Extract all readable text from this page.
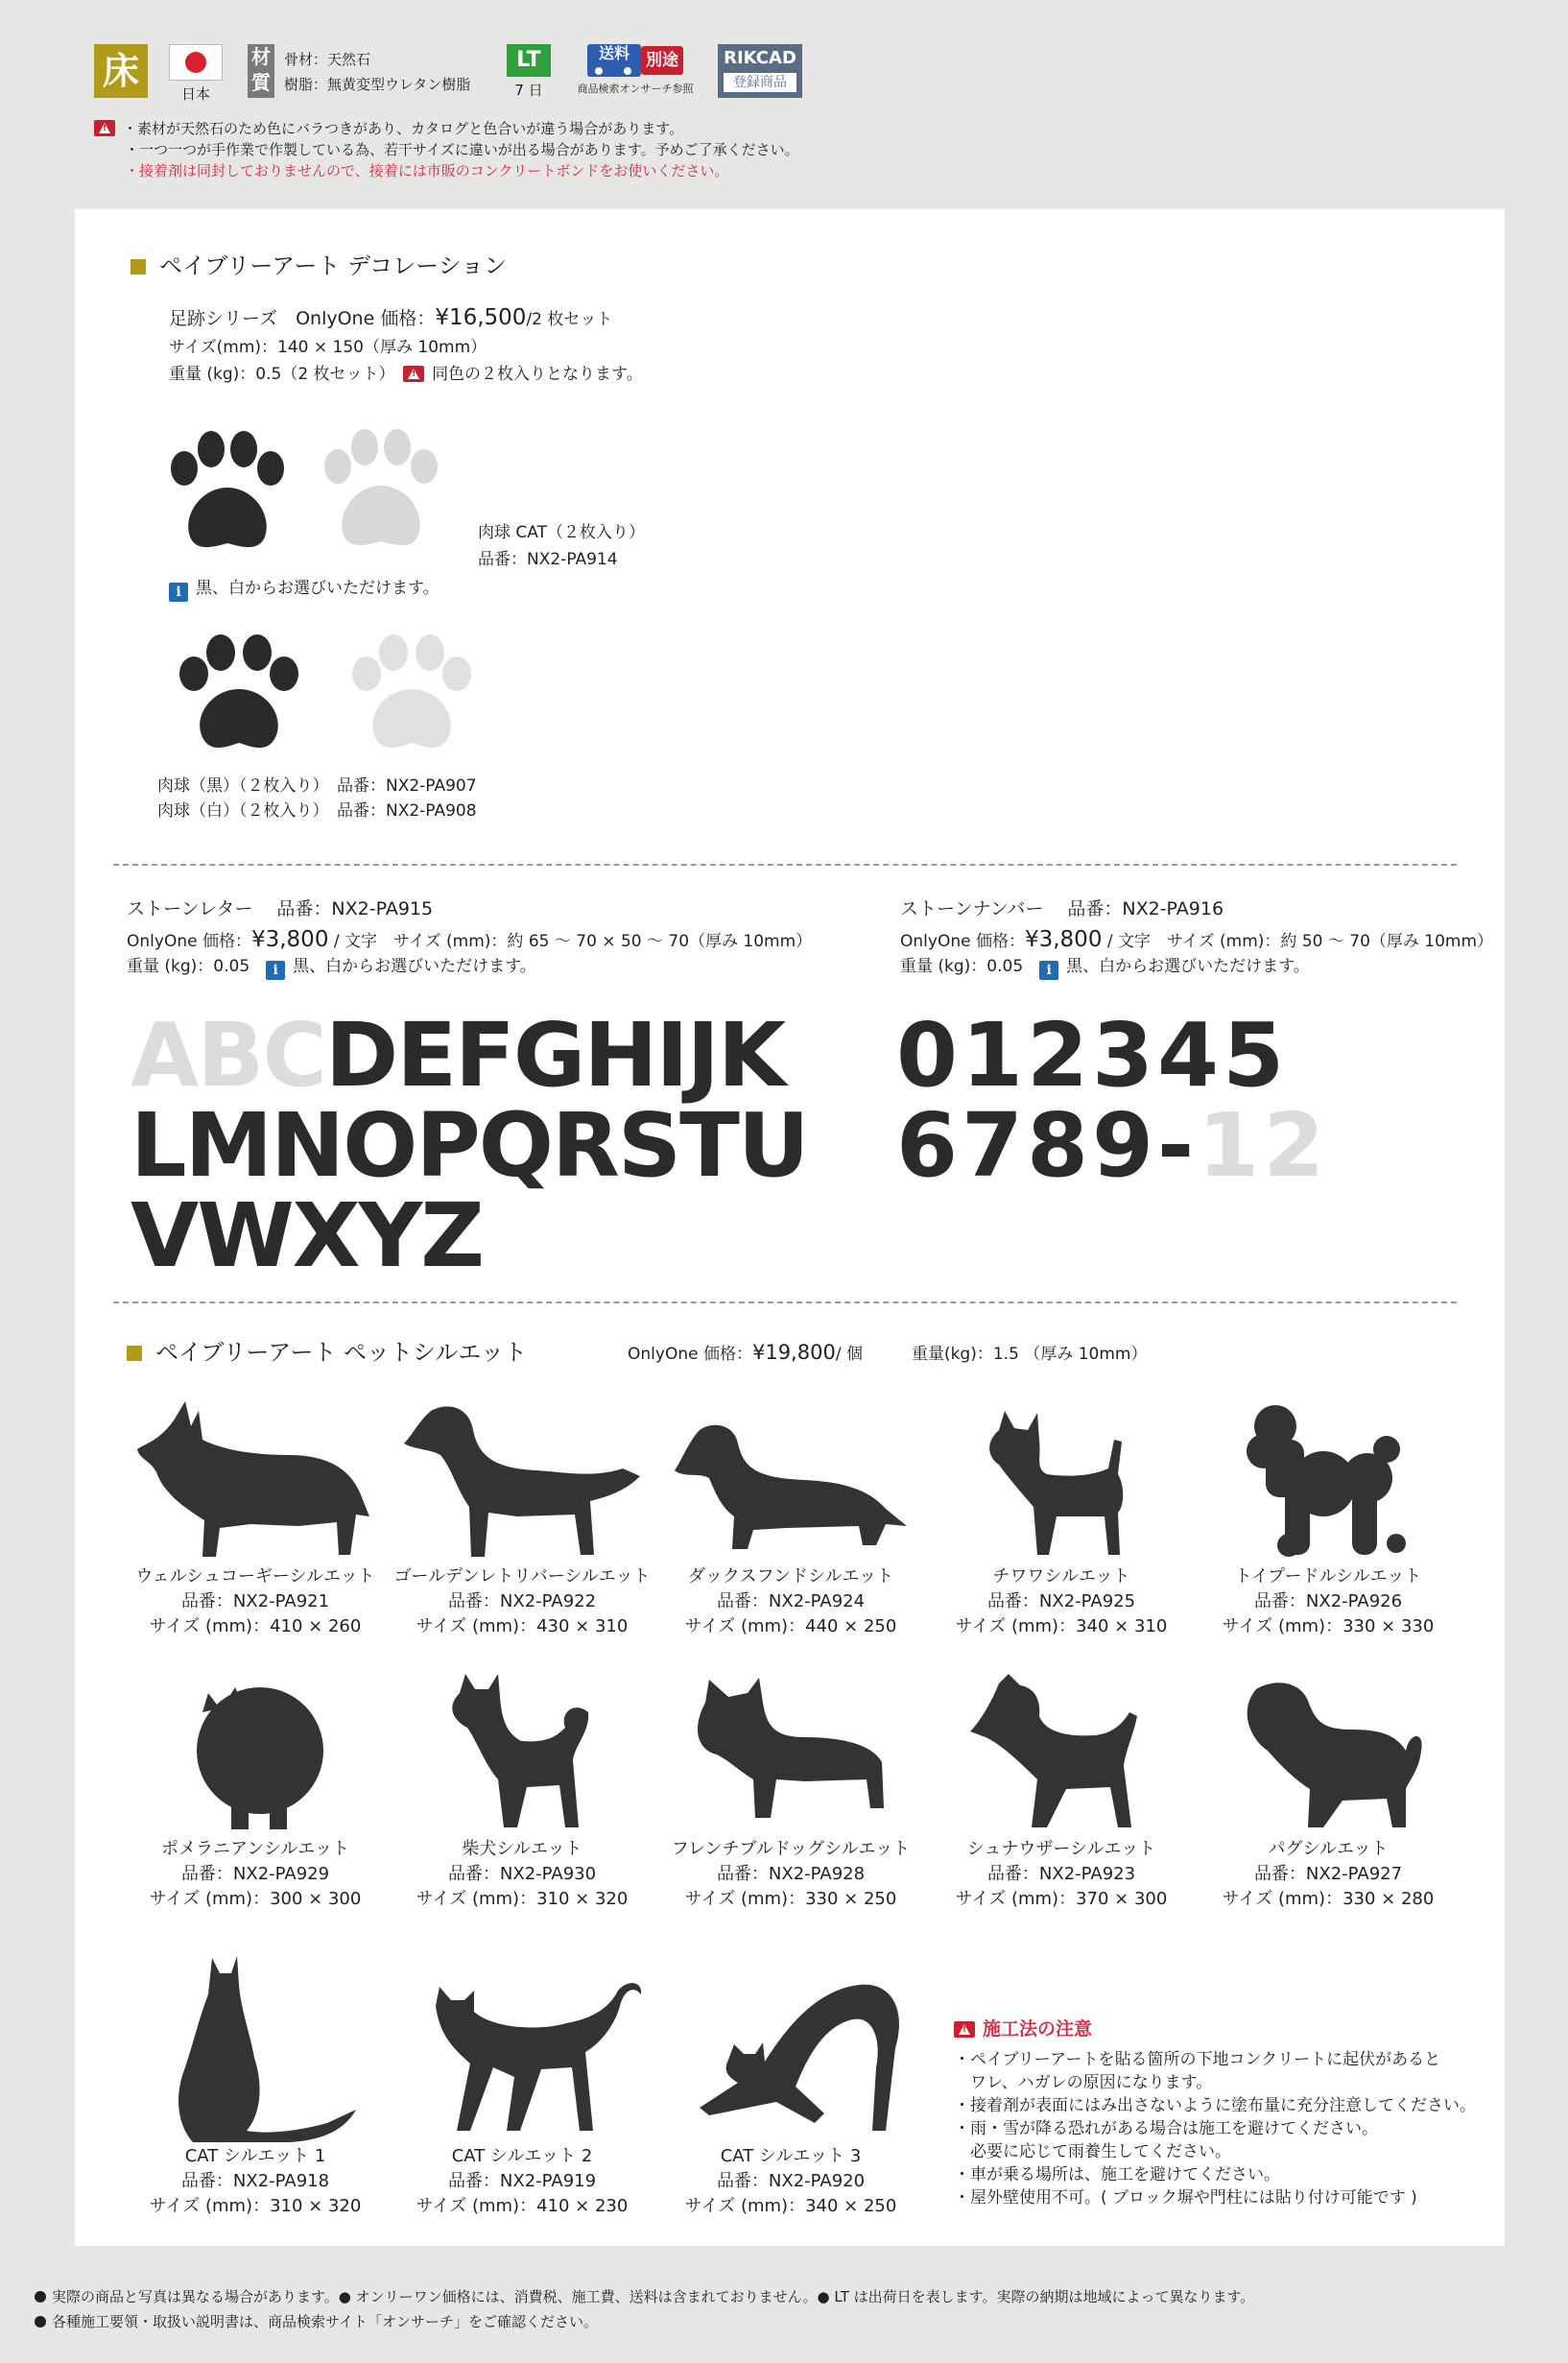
床
日本
材
質
骨材：天然石
樹脂：無黄変型ウレタン樹脂
LT
7 日
送料	別途
商品検索オンサーチ参照
RIKCAD
登録商品
!・素材が天然石のため色にバラつきがあり、カタログと色合いが違う場合があります。
・一つ一つが手作業で作製している為、若干サイズに違いが出る場合があります。予めご了承ください。
・接着剤は同封しておりませんので、接着には市販のコンクリートボンドをお使いください。
ペイブリーアート デコレーション
足跡シリーズ　 OnlyOne 価格：¥16,500/2 枚セット
サイズ(mm)：140 × 150（厚み 10mm）
重量 (kg)：0.5（2 枚セット）　!	同色の２枚入りとなります。
肉球 CAT（２枚入り）
品番：NX2-PA914
i 黒、白からお選びいただけます。
肉球（黒）（２枚入り）　品番：NX2-PA907
肉球（白）（２枚入り）　品番：NX2-PA908
ストーンレター　 品番：NX2-PA915
OnlyOne 価格：¥3,800 / 文字　サイズ (mm)：約 65 ～ 70 × 50 ～ 70（厚み 10mm）
重量 (kg)：0.05　 i 黒、白からお選びいただけます。
ABCDEFGHIJK
LMNOPQRSTU
VWXYZ
ストーンナンバー　 品番：NX2-PA916
OnlyOne 価格：¥3,800 / 文字　サイズ (mm)：約 50 ～ 70（厚み 10mm）
重量 (kg)：0.05　 i 黒、白からお選びいただけます。
012345
6789-12
ペイブリーアート ペットシルエット	OnlyOne 価格：¥19,800/ 個　　　	重量(kg)：1.5 （厚み 10mm）
ウェルシュコーギーシルエット
品番：NX2-PA921
サイズ (mm)：410 × 260
ゴールデンレトリバーシルエット
品番：NX2-PA922
サイズ (mm)：430 × 310
ダックスフンドシルエット
品番：NX2-PA924
サイズ (mm)：440 × 250
チワワシルエット
品番：NX2-PA925
サイズ (mm)：340 × 310
トイプードルシルエット
品番：NX2-PA926
サイズ (mm)：330 × 330
ポメラニアンシルエット
品番：NX2-PA929
サイズ (mm)：300 × 300
柴犬シルエット
品番：NX2-PA930
サイズ (mm)：310 × 320
フレンチブルドッグシルエット
品番：NX2-PA928
サイズ (mm)：330 × 250
シュナウザーシルエット
品番：NX2-PA923
サイズ (mm)：370 × 300
パグシルエット
品番：NX2-PA927
サイズ (mm)：330 × 280
CAT シルエット 1
品番：NX2-PA918
サイズ (mm)：310 × 320
CAT シルエット 2
品番：NX2-PA919
サイズ (mm)：410 × 230
CAT シルエット 3
品番：NX2-PA920
サイズ (mm)：340 × 250
!施工法の注意
・ペイブリーアートを貼る箇所の下地コンクリートに起伏があると
　ワレ、ハガレの原因になります。
・接着剤が表面にはみ出さないように塗布量に充分注意してください。
・雨・雪が降る恐れがある場合は施工を避けてください。
　必要に応じて雨養生してください。
・車が乗る場所は、施工を避けてください。
・屋外壁使用不可。( ブロック塀や門柱には貼り付け可能です )
実際の商品と写真は異なる場合があります。● オンリーワン価格には、消費税、施工費、送料は含まれておりません。● LT は出荷日を表します。実際の納期は地域によって異なります。
各種施工要領・取扱い説明書は、商品検索サイト「オンサーチ」をご確認ください。
